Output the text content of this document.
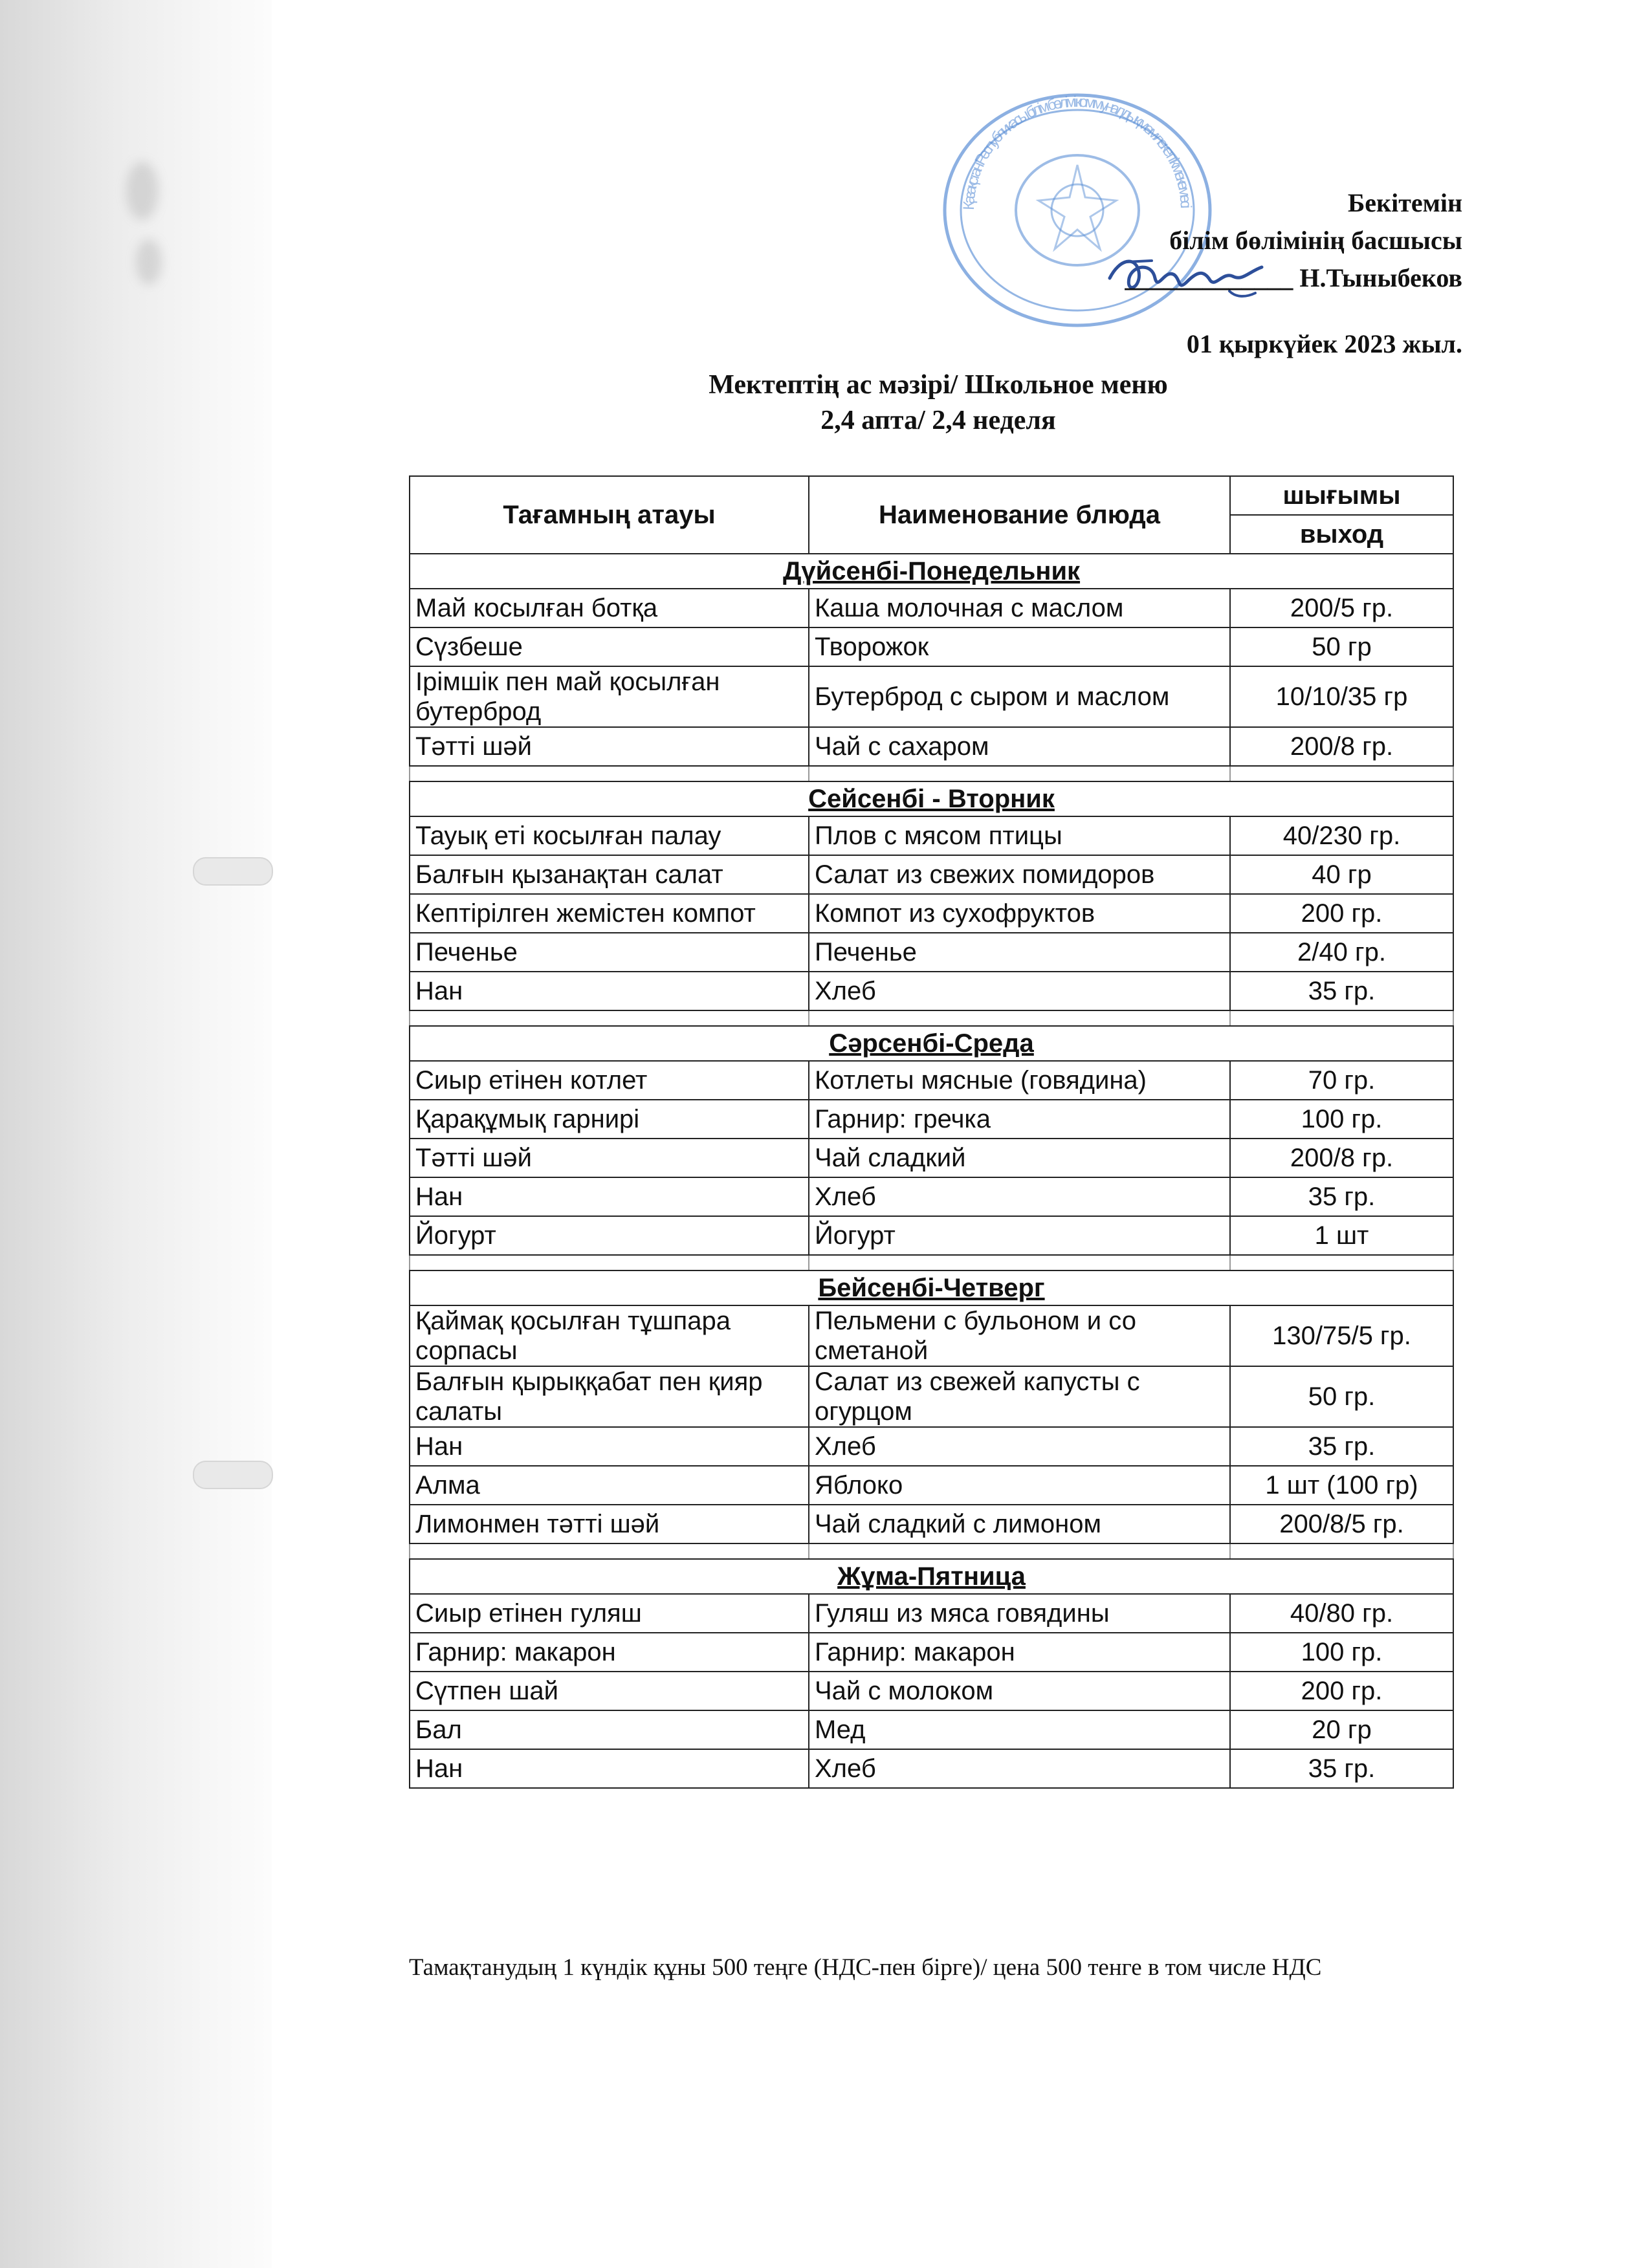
Қазақстан Республикасы білім бөлімі коммуналдық мемлекеттік мекемесі	Бекітемін
білім бөлімінің басшысы
_____________ Н.Тыныбеков
01 қыркүйек 2023 жыл.
Мектептің ас мәзірі/ Школьное меню
2,4 апта/ 2,4 неделя
Тағамның атауы	Наименование блюда	шығымы
		выход
Дүйсенбі-Понедельник		
Май косылған ботқа	Каша молочная с маслом	200/5 гр.
Сүзбеше	Творожок	50 гр
Ірімшік пен май қосылған бутерброд	Бутерброд с сыром и маслом	10/10/35 гр
Тәтті шәй	Чай с сахаром	200/8 гр.

Сейсенбі - Вторник		
Тауық еті косылған палау	Плов с мясом птицы	40/230 гр.
Балғын қызанақтан салат	Салат из свежих помидоров	40 гр
Кептірілген жемістен компот	Компот из сухофруктов	200 гр.
Печенье	Печенье	2/40 гр.
Нан	Хлеб	35 гр.

Сәрсенбі-Среда		
Сиыр етінен котлет	Котлеты мясные (говядина)	70 гр.
Қарақұмық гарнирі	Гарнир: гречка	100 гр.
Тәтті шәй	Чай сладкий	200/8 гр.
Нан	Хлеб	35 гр.
Йогурт	Йогурт	1 шт

Бейсенбі-Четверг		
Қаймақ қосылған тұшпара сорпасы	Пельмени с бульоном и со сметаной	130/75/5 гр.
Балғын қырыққабат пен қияр салаты	Салат из свежей капусты с огурцом	50 гр.
Нан	Хлеб	35 гр.
Алма	Яблоко	1 шт (100 гр)
Лимонмен тәтті шәй	Чай сладкий с лимоном	200/8/5 гр.

Жұма-Пятница		
Сиыр етінен гуляш	Гуляш из мяса говядины	40/80 гр.
Гарнир: макарон	Гарнир: макарон	100 гр.
Сүтпен шай	Чай с молоком	200 гр.
Бал	Мед	20 гр
Нан	Хлеб	35 гр.
Тамақтанудың 1 күндік құны 500 теңге (НДС-пен бірге)/ цена 500 тенге в том числе НДС
